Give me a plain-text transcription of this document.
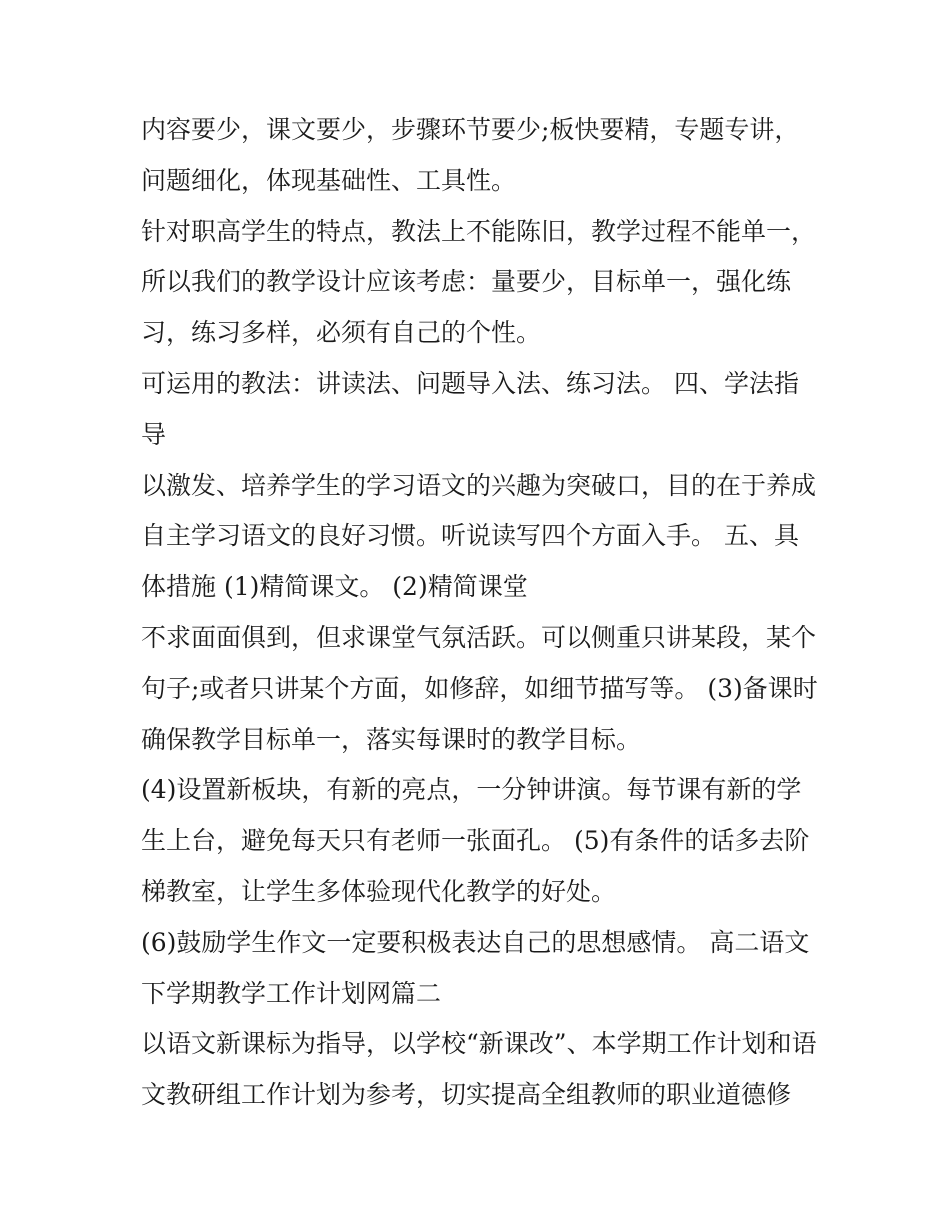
内容要少，课文要少，步骤环节要少;板快要精，专题专讲，
问题细化，体现基础性、工具性。
针对职高学生的特点，教法上不能陈旧，教学过程不能单一，
所以我们的教学设计应该考虑：量要少，目标单一，强化练
习，练习多样，必须有自己的个性。
可运用的教法：讲读法、问题导入法、练习法。 四、学法指
导
以激发、培养学生的学习语文的兴趣为突破口，目的在于养成
自主学习语文的良好习惯。听说读写四个方面入手。 五、具
体措施 (1)精简课文。 (2)精简课堂
不求面面俱到，但求课堂气氛活跃。可以侧重只讲某段，某个
句子;或者只讲某个方面，如修辞，如细节描写等。 (3)备课时
确保教学目标单一，落实每课时的教学目标。
(4)设置新板块，有新的亮点，一分钟讲演。每节课有新的学
生上台，避免每天只有老师一张面孔。 (5)有条件的话多去阶
梯教室，让学生多体验现代化教学的好处。
(6)鼓励学生作文一定要积极表达自己的思想感情。 高二语文
下学期教学工作计划网篇二
以语文新课标为指导，以学校“新课改”、本学期工作计划和语
文教研组工作计划为参考，切实提高全组教师的职业道德修
